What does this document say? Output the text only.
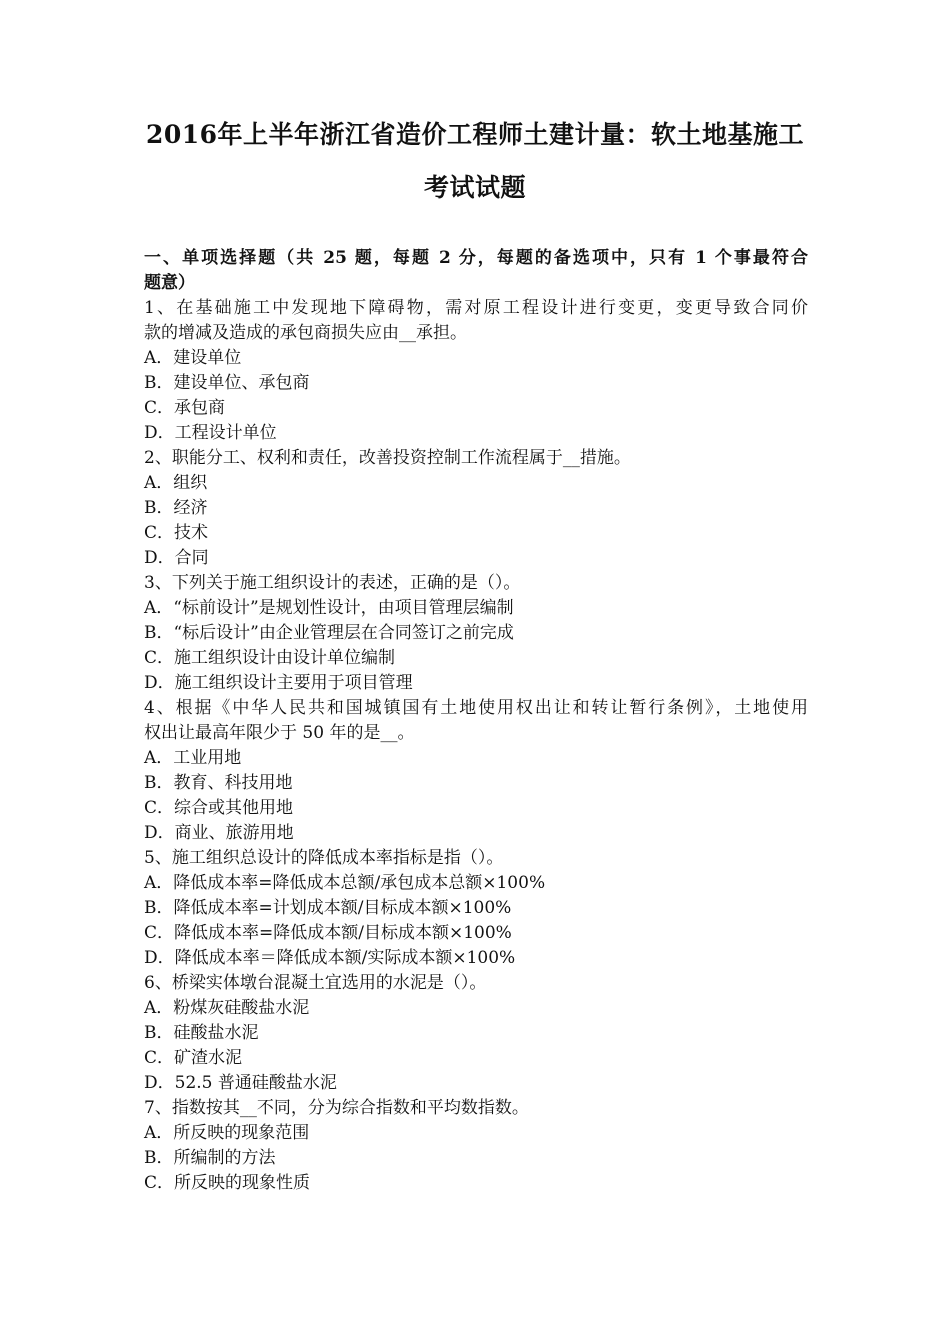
2016年上半年浙江省造价工程师土建计量：软土地基施工
考试试题
一、单项选择题（共 25 题，每题 2 分，每题的备选项中，只有 1 个事最符合
题意）
1、在基础施工中发现地下障碍物，需对原工程设计进行变更，变更导致合同价
款的增减及造成的承包商损失应由__承担。
A．建设单位
B．建设单位、承包商
C．承包商
D．工程设计单位
2、职能分工、权利和责任，改善投资控制工作流程属于__措施。
A．组织
B．经济
C．技术
D．合同
3、下列关于施工组织设计的表述，正确的是（）。
A．“标前设计”是规划性设计，由项目管理层编制
B．“标后设计”由企业管理层在合同签订之前完成
C．施工组织设计由设计单位编制
D．施工组织设计主要用于项目管理
4、根据《中华人民共和国城镇国有土地使用权出让和转让暂行条例》，土地使用
权出让最高年限少于 50 年的是__。
A．工业用地
B．教育、科技用地
C．综合或其他用地
D．商业、旅游用地
5、施工组织总设计的降低成本率指标是指（）。
A．降低成本率=降低成本总额/承包成本总额×100%
B．降低成本率=计划成本额/目标成本额×100%
C．降低成本率=降低成本额/目标成本额×100%
D．降低成本率＝降低成本额/实际成本额×100%
6、桥梁实体墩台混凝土宜选用的水泥是（）。
A．粉煤灰硅酸盐水泥
B．硅酸盐水泥
C．矿渣水泥
D．52.5 普通硅酸盐水泥
7、指数按其__不同，分为综合指数和平均数指数。
A．所反映的现象范围
B．所编制的方法
C．所反映的现象性质
